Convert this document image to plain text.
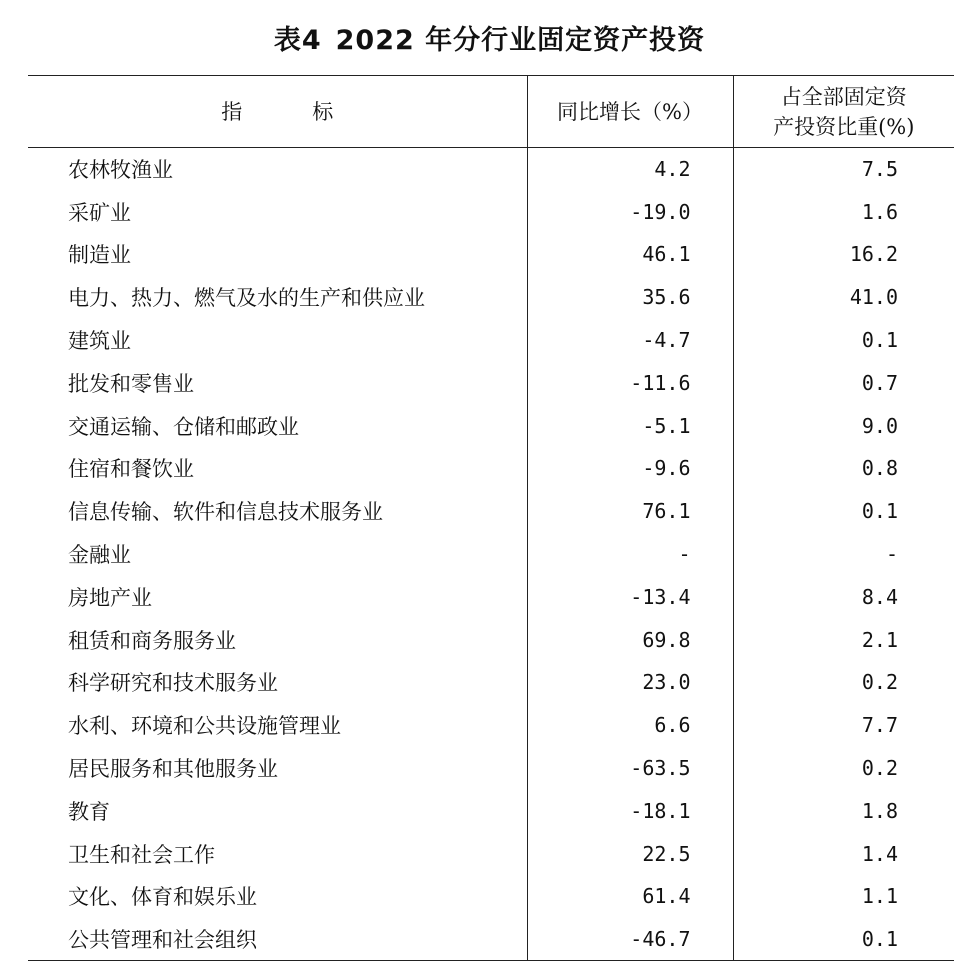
表4 2022 年分行业固定资产投资
指 标	同比增长（%）	占全部固定资
产投资比重(%)

农林牧渔业	4.2	7.5
采矿业	-19.0	1.6
制造业	46.1	16.2
电力、热力、燃气及水的生产和供应业	35.6	41.0
建筑业	-4.7	0.1
批发和零售业	-11.6	0.7
交通运输、仓储和邮政业	-5.1	9.0
住宿和餐饮业	-9.6	0.8
信息传输、软件和信息技术服务业	76.1	0.1
金融业	-	-
房地产业	-13.4	8.4
租赁和商务服务业	69.8	2.1
科学研究和技术服务业	23.0	0.2
水利、环境和公共设施管理业	6.6	7.7
居民服务和其他服务业	-63.5	0.2
教育	-18.1	1.8
卫生和社会工作	22.5	1.4
文化、体育和娱乐业	61.4	1.1
公共管理和社会组织	-46.7	0.1
